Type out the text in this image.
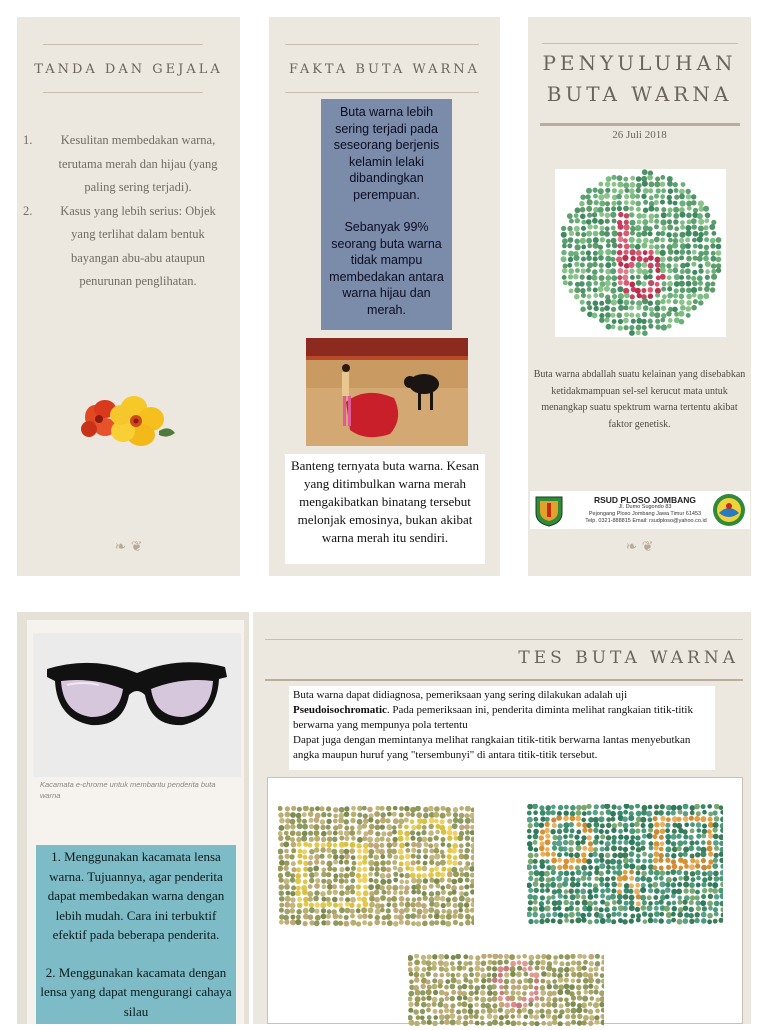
TANDA DAN GEJALA
1. Kesulitan membedakan warna, terutama merah dan hijau (yang paling sering terjadi).
2. Kasus yang lebih serius: Objek yang terlihat dalam bentuk bayangan abu-abu ataupun penurunan penglihatan.
❧ ❦
FAKTA BUTA WARNA
Buta warna lebih sering terjadi pada seseorang berjenis kelamin lelaki dibandingkan perempuan.
Sebanyak 99% seorang buta warna tidak mampu membedakan antara warna hijau dan merah.
Banteng ternyata buta warna. Kesan yang ditimbulkan warna merah mengakibatkan binatang tersebut melonjak emosinya, bukan akibat warna merah itu sendiri.
PENYULUHAN
BUTA WARNA
26 Juli 2018
Buta warna abdallah suatu kelainan yang disebabkan ketidakmampuan sel-sel kerucut mata untuk menangkap suatu spektrum warna tertentu akibat faktor genetisk.
RSUD PLOSO JOMBANG
Jl. Dumo Sugondo 83
Pejongang Ploso Jombang Jawa Timur 61453
Telp. 0321-888815 Email: rsudploso@yahoo.co.id
❧ ❦
Kacamata e-chrome untuk membantu penderita buta warna
1. Menggunakan kacamata lensa warna. Tujuannya, agar penderita dapat membedakan warna dengan lebih mudah. Cara ini terbuktif efektif pada beberapa penderita.
2. Menggunakan kacamata dengan lensa yang dapat mengurangi cahaya silau
TES BUTA WARNA
Buta warna dapat didiagnosa, pemeriksaan yang sering dilakukan adalah uji Pseudoisochromatic. Pada pemeriksaan ini, penderita diminta melihat rangkaian titik-titik berwarna yang mempunya pola tertentu
Dapat juga dengan memintanya melihat rangkaian titik-titik berwarna lantas menyebutkan angka maupun huruf yang "tersembunyi" di antara titik-titik tersebut.
